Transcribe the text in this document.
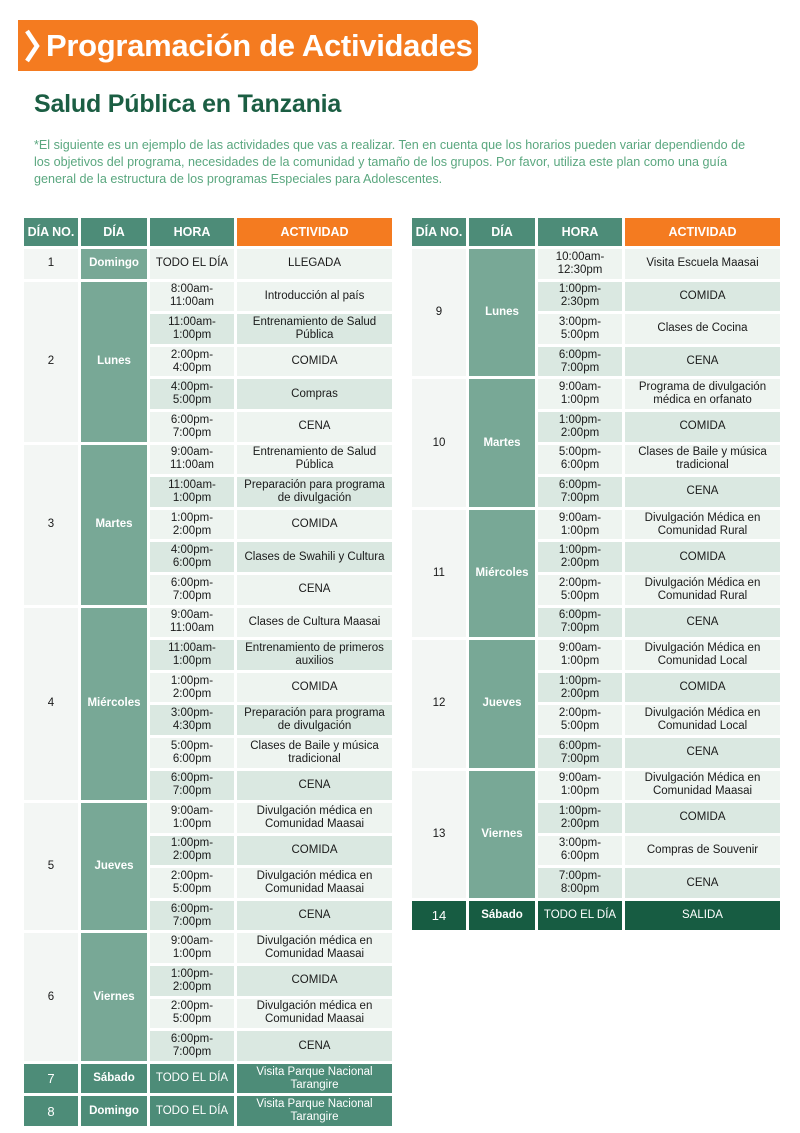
Programación de Actividades
Salud Pública en Tanzania
*El siguiente es un ejemplo de las actividades que vas a realizar. Ten en cuenta que los horarios pueden variar dependiendo de los objetivos del programa, necesidades de la comunidad y tamaño de los grupos. Por favor, utiliza este plan como una guía general de la estructura de los programas Especiales para Adolescentes.
DÍA NO.	DÍA	HORA	ACTIVIDAD
1	Domingo	TODO EL DÍA	LLEGADA
2	Lunes	8:00am-11:00am	Introducción al país
		11:00am-1:00pm	Entrenamiento de Salud Pública
		2:00pm-4:00pm	COMIDA
		4:00pm-5:00pm	Compras
		6:00pm-7:00pm	CENA
3	Martes	9:00am-11:00am	Entrenamiento de Salud Pública
		11:00am-1:00pm	Preparación para programa de divulgación
		1:00pm-2:00pm	COMIDA
		4:00pm-6:00pm	Clases de Swahili y Cultura
		6:00pm-7:00pm	CENA
4	Miércoles	9:00am-11:00am	Clases de Cultura Maasai
		11:00am-1:00pm	Entrenamiento de primeros auxilios
		1:00pm-2:00pm	COMIDA
		3:00pm-4:30pm	Preparación para programa de divulgación
		5:00pm-6:00pm	Clases de Baile y música tradicional
		6:00pm-7:00pm	CENA
5	Jueves	9:00am-1:00pm	Divulgación médica en Comunidad Maasai
		1:00pm-2:00pm	COMIDA
		2:00pm-5:00pm	Divulgación médica en Comunidad Maasai
		6:00pm-7:00pm	CENA
6	Viernes	9:00am-1:00pm	Divulgación médica en Comunidad Maasai
		1:00pm-2:00pm	COMIDA
		2:00pm-5:00pm	Divulgación médica en Comunidad Maasai
		6:00pm-7:00pm	CENA
7	Sábado	TODO EL DÍA	Visita Parque Nacional Tarangire
8	Domingo	TODO EL DÍA	Visita Parque Nacional Tarangire
DÍA NO.	DÍA	HORA	ACTIVIDAD
9	Lunes	10:00am-12:30pm	Visita Escuela Maasai
		1:00pm-2:30pm	COMIDA
		3:00pm-5:00pm	Clases de Cocina
		6:00pm-7:00pm	CENA
10	Martes	9:00am-1:00pm	Programa de divulgación médica en orfanato
		1:00pm-2:00pm	COMIDA
		5:00pm-6:00pm	Clases de Baile y música tradicional
		6:00pm-7:00pm	CENA
11	Miércoles	9:00am-1:00pm	Divulgación Médica en Comunidad Rural
		1:00pm-2:00pm	COMIDA
		2:00pm-5:00pm	Divulgación Médica en Comunidad Rural
		6:00pm-7:00pm	CENA
12	Jueves	9:00am-1:00pm	Divulgación Médica en Comunidad Local
		1:00pm-2:00pm	COMIDA
		2:00pm-5:00pm	Divulgación Médica en Comunidad Local
		6:00pm-7:00pm	CENA
13	Viernes	9:00am-1:00pm	Divulgación Médica en Comunidad Maasai
		1:00pm-2:00pm	COMIDA
		3:00pm-6:00pm	Compras de Souvenir
		7:00pm-8:00pm	CENA
14	Sábado	TODO EL DÍA	SALIDA
